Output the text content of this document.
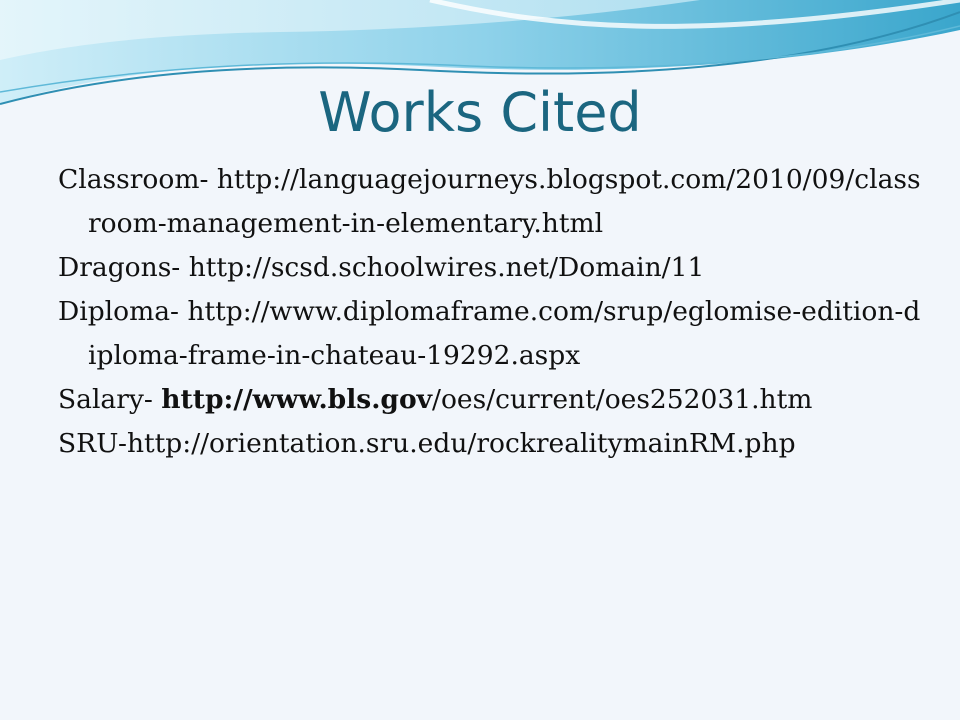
Works Cited
Classroom- http://languagejourneys.blogspot.com/2010/09/classroom-management-in-elementary.html
Dragons- http://scsd.schoolwires.net/Domain/11
Diploma- http://www.diplomaframe.com/srup/eglomise-edition-diploma-frame-in-chateau-19292.aspx
Salary- http://www.bls.gov/oes/current/oes252031.htm
SRU-http://orientation.sru.edu/rockrealitymainRM.php
